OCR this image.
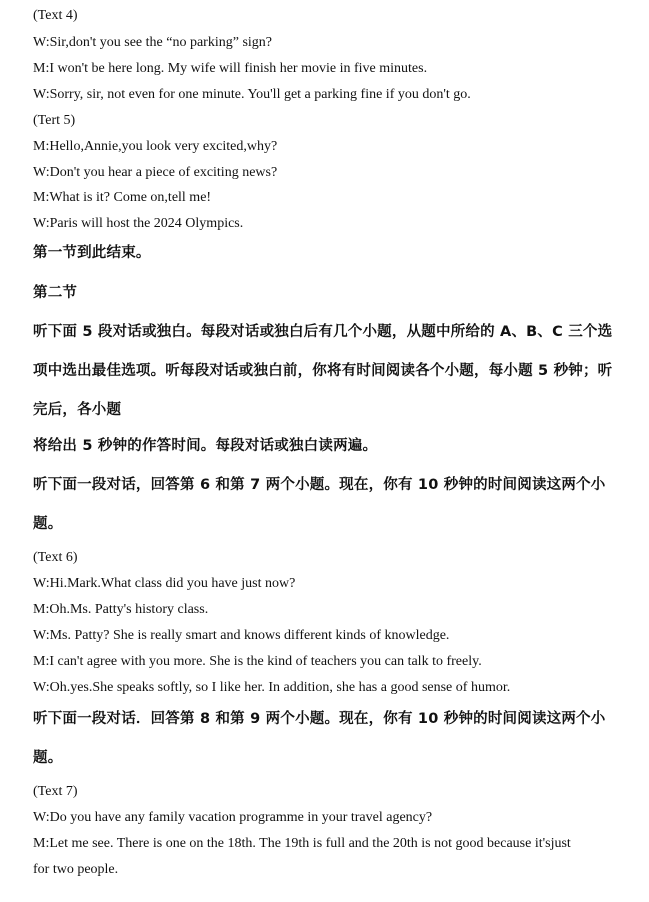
(Text 4)
W:Sir,don't you see the “no parking” sign?
M:I won't be here long. My wife will finish her movie in five minutes.
W:Sorry, sir, not even for one minute. You'll get a parking fine if you don't go.
(Tert 5)
M:Hello,Annie,you look very excited,why?
W:Don't you hear a piece of exciting news?
M:What is it? Come on,tell me!
W:Paris will host the 2024 Olympics.
第一节到此结束。
第二节
听下面 5 段对话或独白。每段对话或独白后有几个小题，从题中所给的 A、B、C 三个选
项中选出最佳选项。听每段对话或独白前，你将有时间阅读各个小题，每小题 5 秒钟；听
完后，各小题
将给出 5 秒钟的作答时间。每段对话或独白读两遍。
听下面一段对话，回答第 6 和第 7 两个小题。现在，你有 10 秒钟的时间阅读这两个小
题。
(Text 6)
W:Hi.Mark.What class did you have just now?
M:Oh.Ms. Patty's history class.
W:Ms. Patty? She is really smart and knows different kinds of knowledge.
M:I can't agree with you more. She is the kind of teachers you can talk to freely.
W:Oh.yes.She speaks softly, so I like her. In addition, she has a good sense of humor.
听下面一段对话．回答第 8 和第 9 两个小题。现在，你有 10 秒钟的时间阅读这两个小
题。
(Text 7)
W:Do you have any family vacation programme in your travel agency?
M:Let me see. There is one on the 18th. The 19th is full and the 20th is not good because it'sjust
for two people.
